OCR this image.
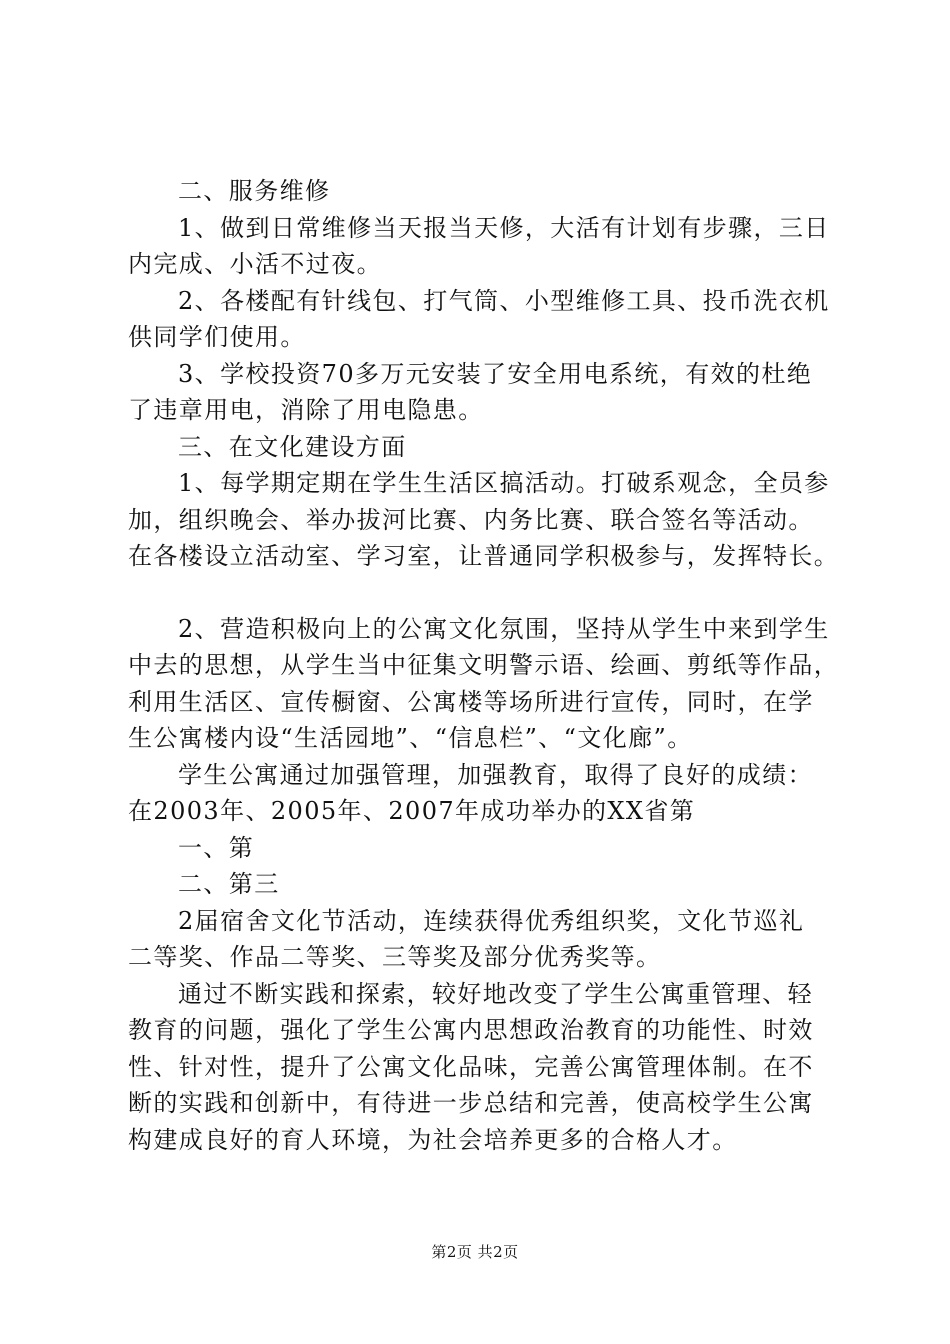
二、服务维修

1、做到日常维修当天报当天修，大活有计划有步骤，三日

内完成、小活不过夜。

2、各楼配有针线包、打气筒、小型维修工具、投币洗衣机

供同学们使用。

3、学校投资70多万元安装了安全用电系统，有效的杜绝

了违章用电，消除了用电隐患。

三、在文化建设方面

1、每学期定期在学生生活区搞活动。打破系观念，全员参

加，组织晚会、举办拔河比赛、内务比赛、联合签名等活动。

在各楼设立活动室、学习室，让普通同学积极参与，发挥特长。

2、营造积极向上的公寓文化氛围，坚持从学生中来到学生

中去的思想，从学生当中征集文明警示语、绘画、剪纸等作品，

利用生活区、宣传橱窗、公寓楼等场所进行宣传，同时，在学

生公寓楼内设“生活园地”、“信息栏”、“文化廊”。

学生公寓通过加强管理，加强教育，取得了良好的成绩：

在2003年、2005年、2007年成功举办的XX省第

一、第

二、第三

2届宿舍文化节活动，连续获得优秀组织奖，文化节巡礼

二等奖、作品二等奖、三等奖及部分优秀奖等。

通过不断实践和探索，较好地改变了学生公寓重管理、轻

教育的问题，强化了学生公寓内思想政治教育的功能性、时效

性、针对性，提升了公寓文化品味，完善公寓管理体制。在不

断的实践和创新中，有待进一步总结和完善，使高校学生公寓

构建成良好的育人环境，为社会培养更多的合格人才。

第2页 共2页
